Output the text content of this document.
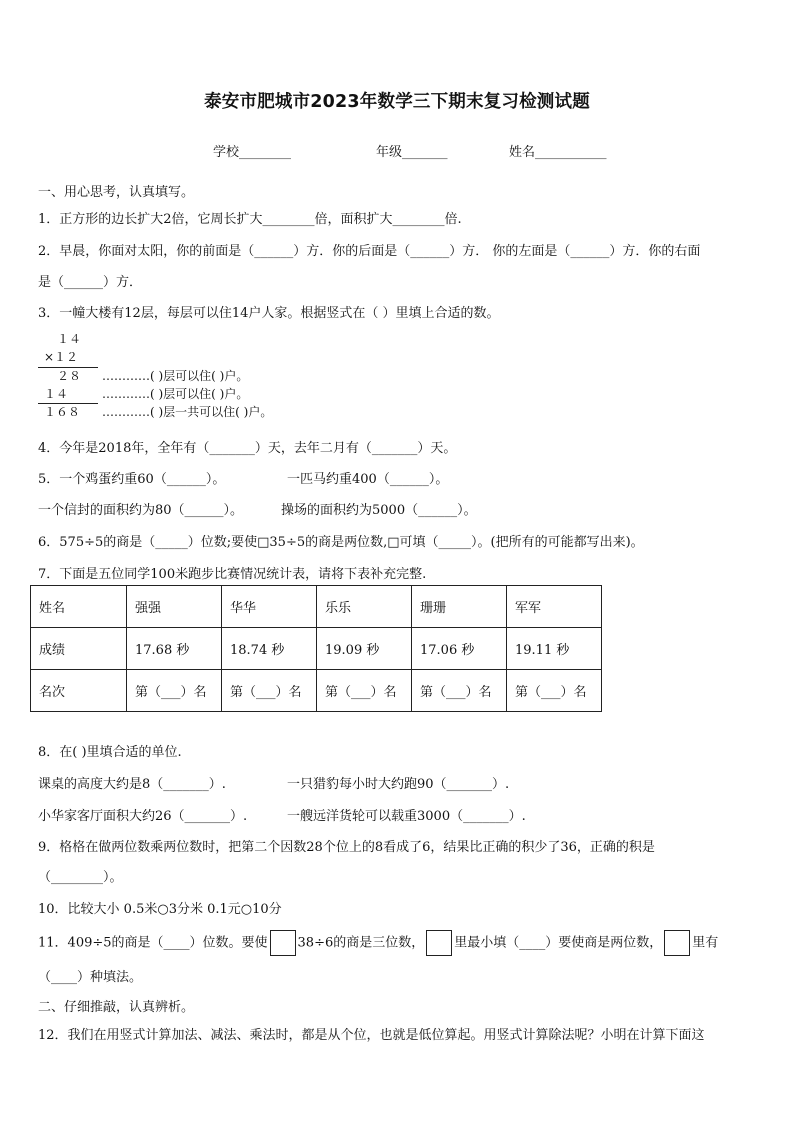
泰安市肥城市2023年数学三下期末复习检测试题
学校________	年级_______	姓名___________
一、用心思考，认真填写。
1．正方形的边长扩大2倍，它周长扩大________倍，面积扩大________倍.
2．早晨，你面对太阳，你的前面是（______）方．你的后面是（______）方． 你的左面是（______）方．你的右面
是（______）方．
3．一幢大楼有12层，每层可以住14户人家。根据竖式在（ ）里填上合适的数。
１４
×１２
２８
１４
１６８
…………( )层可以住( )户。
…………( )层可以住( )户。
…………( )层一共可以住( )户。
4．今年是2018年，全年有（_______）天，去年二月有（_______）天。
5．一个鸡蛋约重60（______）。	一匹马约重400（______）。
一个信封的面积约为80（______）。	操场的面积约为5000（______）。
6．575÷5的商是（_____）位数;要使□35÷5的商是两位数,□可填（_____）。(把所有的可能都写出来)。
7．下面是五位同学100米跑步比赛情况统计表，请将下表补充完整.
姓名	强强	华华	乐乐	珊珊	军军
成绩	17.68 秒	18.74 秒	19.09 秒	17.06 秒	19.11 秒
名次	第（___）名	第（___）名	第（___）名	第（___）名	第（___）名
8．在( )里填合适的单位.
课桌的高度大约是8（_______）.	一只猎豹每小时大约跑90（_______）.
小华家客厅面积大约26（_______）.	一艘远洋货轮可以载重3000（_______）.
9．格格在做两位数乘两位数时，把第二个因数28个位上的8看成了6，结果比正确的积少了36，正确的积是
（________）。
10．比较大小 0.5米○3分米 0.1元○10分
11．409÷5的商是（____）位数。要使 38÷6的商是三位数， 里最小填（____）要使商是两位数， 里有
（____）种填法。
二、仔细推敲，认真辨析。
12．我们在用竖式计算加法、减法、乘法时，都是从个位，也就是低位算起。用竖式计算除法呢？小明在计算下面这
